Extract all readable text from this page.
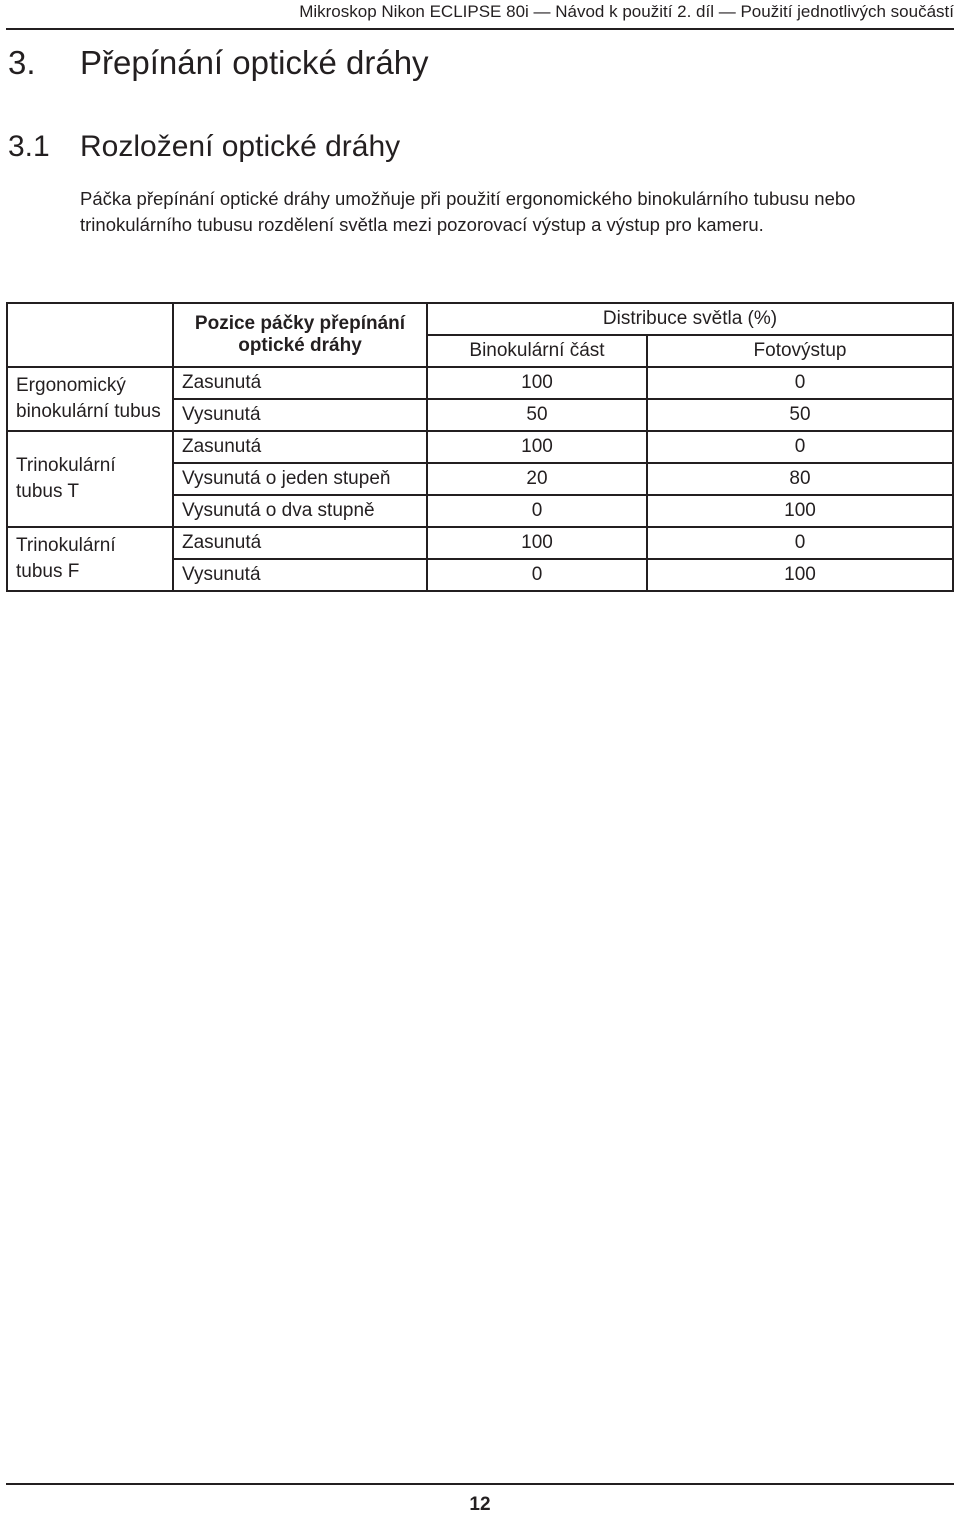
Mikroskop Nikon ECLIPSE 80i — Návod k použití 2. díl — Použití jednotlivých součástí
3. Přepínání optické dráhy
3.1 Rozložení optické dráhy

Páčka přepínání optické dráhy umožňuje při použití ergonomického binokulárního tubusu nebo trinokulárního tubusu rozdělení světla mezi pozorovací výstup a výstup pro kameru.

	Pozice páčky přepínání optické dráhy	Distribuce světla (%)	
		Binokulární část	Fotovýstup
Ergonomický binokulární tubus	Zasunutá	100	0
	Vysunutá	50	50
Trinokulární tubus T	Zasunutá	100	0
	Vysunutá o jeden stupeň	20	80
	Vysunutá o dva stupně	0	100
Trinokulární tubus F	Zasunutá	100	0
	Vysunutá	0	100
12
